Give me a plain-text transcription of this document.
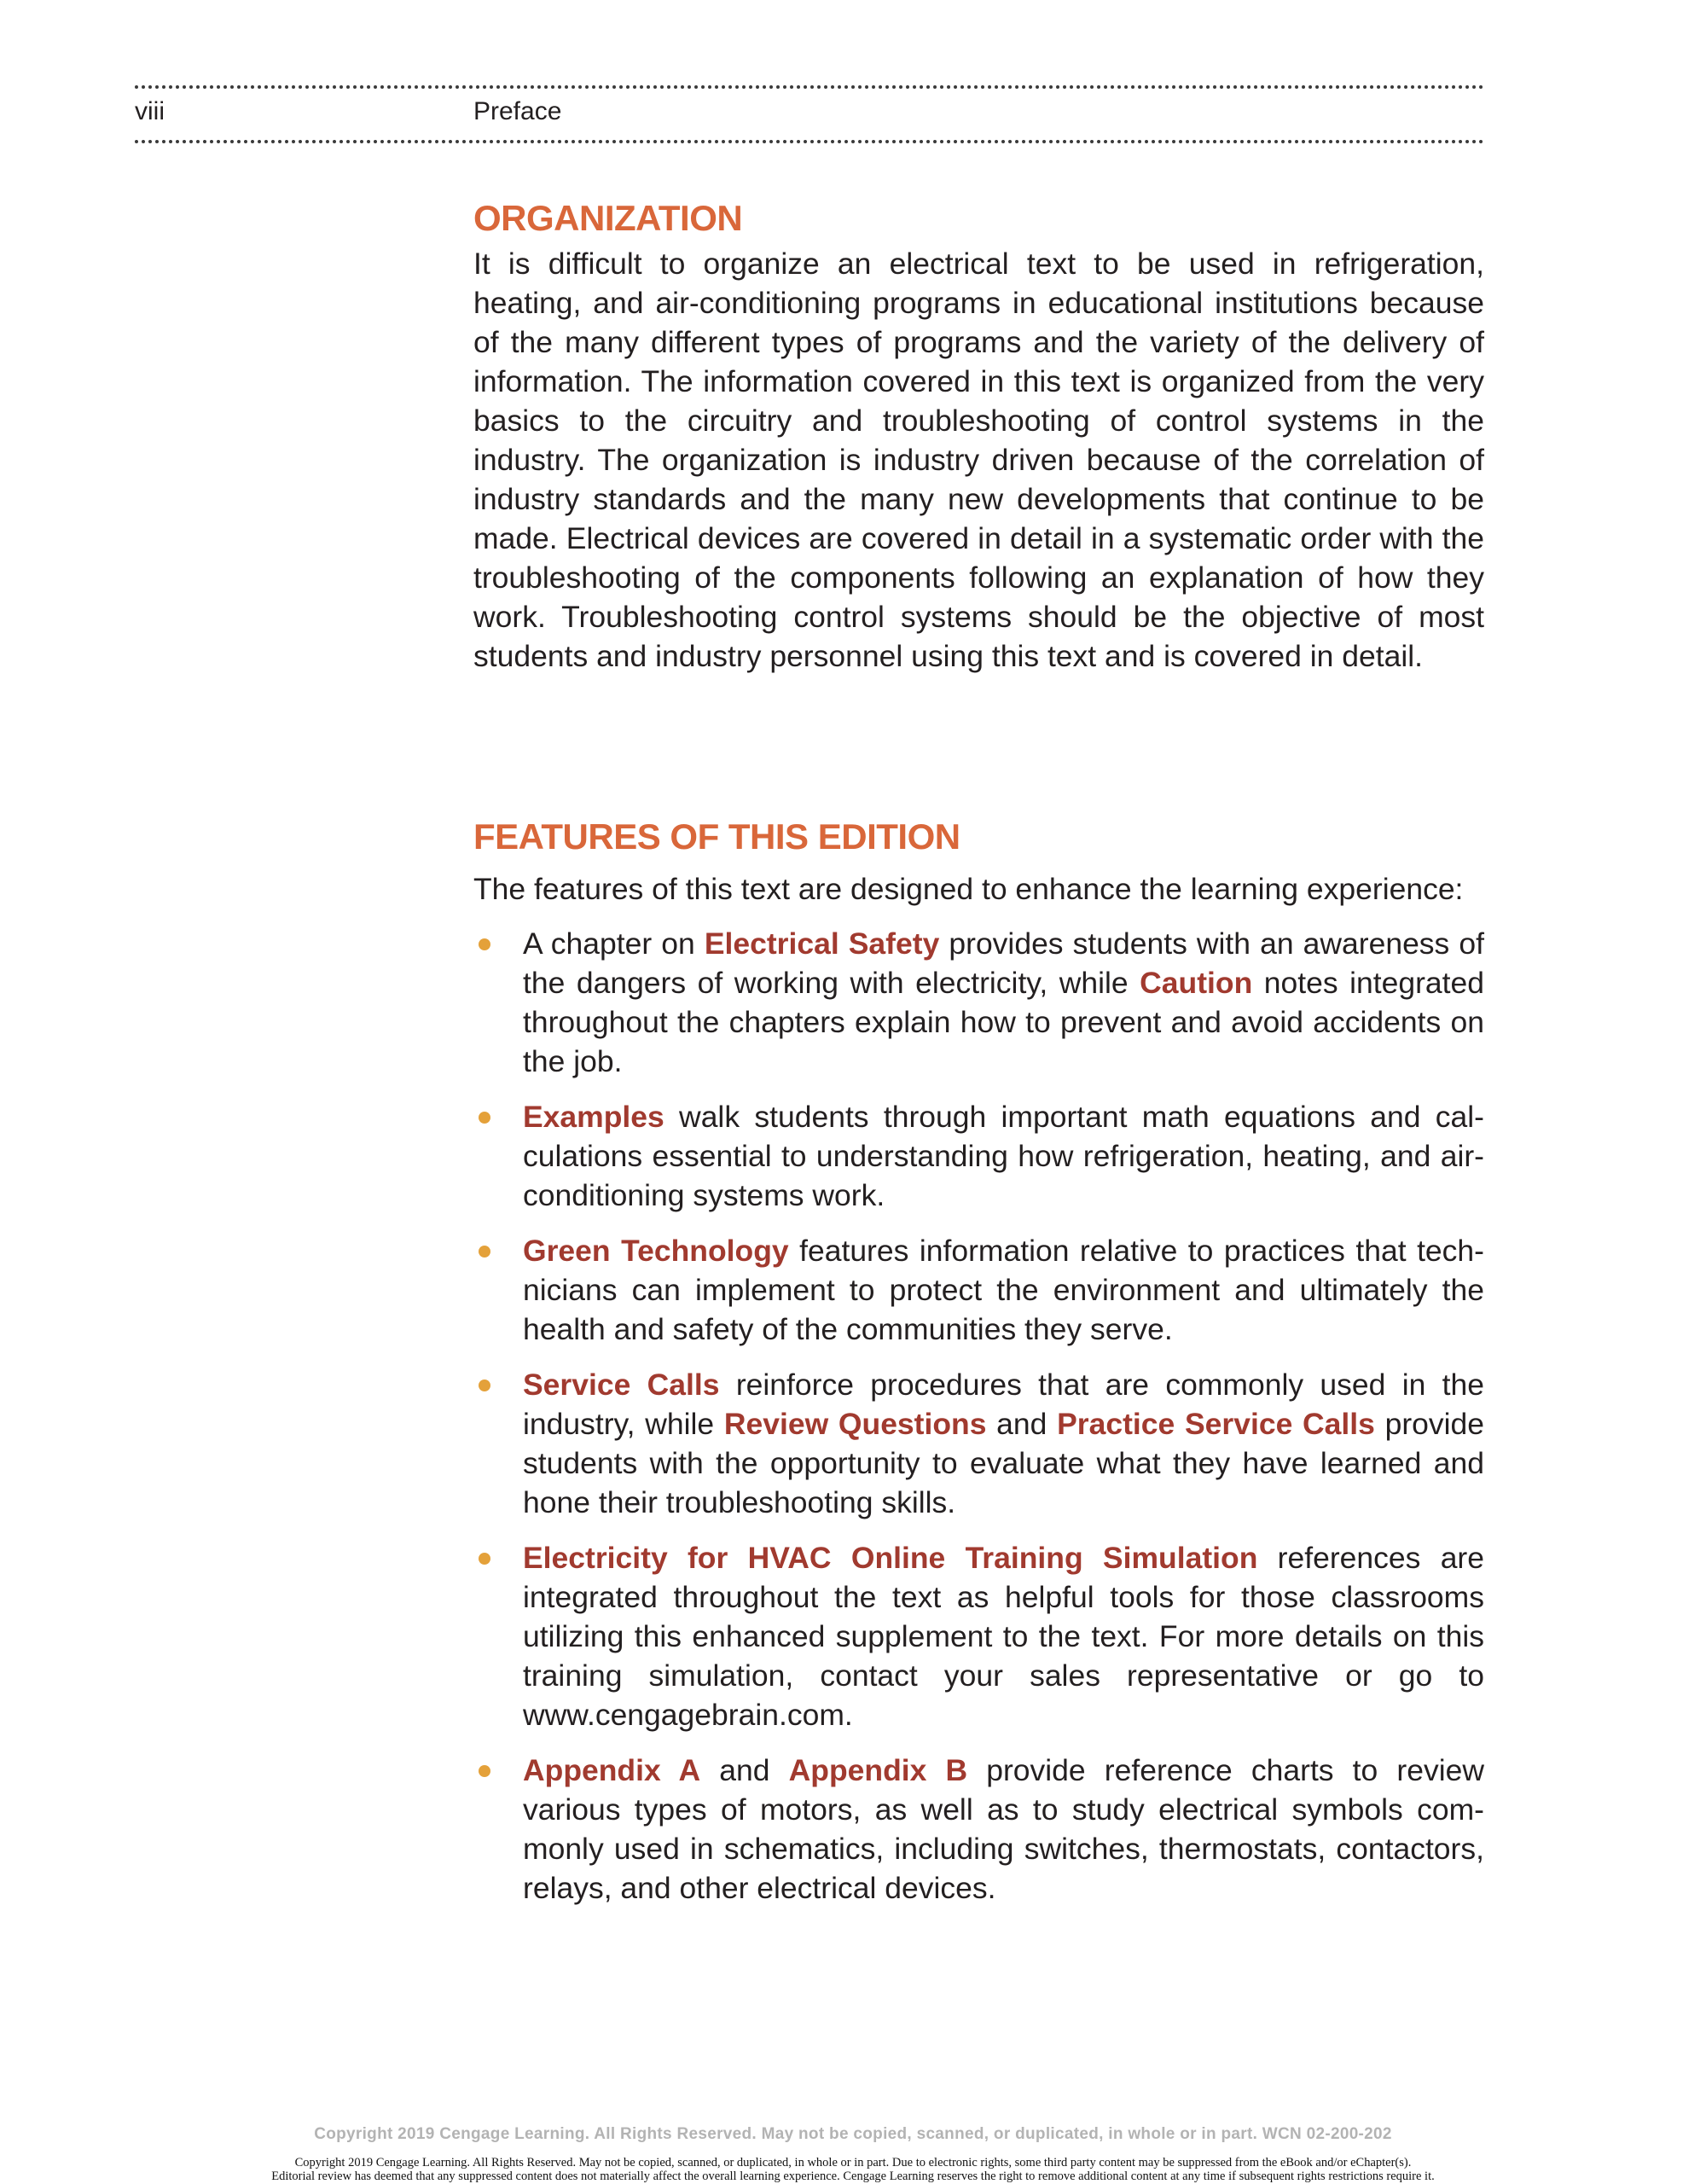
viii	Preface
ORGANIZATION

It is difficult to organize an electrical text to be used in refrigeration, heating, and air-conditioning programs in educational institutions because of the many different types of programs and the variety of the delivery of information. The information covered in this text is organized from the very basics to the circuitry and troubleshooting of control systems in the industry. The organization is industry driven because of the correlation of industry standards and the many new developments that continue to be made. Electrical devices are covered in detail in a systematic order with the troubleshooting of the components following an explanation of how they work. Troubleshooting control systems should be the objective of most students and industry personnel using this text and is covered in detail.

FEATURES OF THIS EDITION

The features of this text are designed to enhance the learning experience:

A chapter on Electrical Safety provides students with an awareness of the dangers of working with electricity, while Caution notes integrated throughout the chapters explain how to prevent and avoid accidents on the job.
Examples walk students through important math equations and calculations essential to understanding how refrigeration, heating, and air-conditioning systems work.
Green Technology features information relative to practices that technicians can implement to protect the environment and ultimately the health and safety of the communities they serve.
Service Calls reinforce procedures that are commonly used in the industry, while Review Questions and Practice Service Calls provide students with the opportunity to evaluate what they have learned and hone their troubleshooting skills.
Electricity for HVAC Online Training Simulation references are integrated throughout the text as helpful tools for those classrooms utilizing this enhanced supplement to the text. For more details on this training simulation, contact your sales representative or go to www.cengagebrain.com.
Appendix A and Appendix B provide reference charts to review various types of motors, as well as to study electrical symbols commonly used in schematics, including switches, thermostats, contactors, relays, and other electrical devices.
Copyright 2019 Cengage Learning. All Rights Reserved. May not be copied, scanned, or duplicated, in whole or in part. WCN 02-200-202
Copyright 2019 Cengage Learning. All Rights Reserved. May not be copied, scanned, or duplicated, in whole or in part. Due to electronic rights, some third party content may be suppressed from the eBook and/or eChapter(s).
Editorial review has deemed that any suppressed content does not materially affect the overall learning experience. Cengage Learning reserves the right to remove additional content at any time if subsequent rights restrictions require it.
